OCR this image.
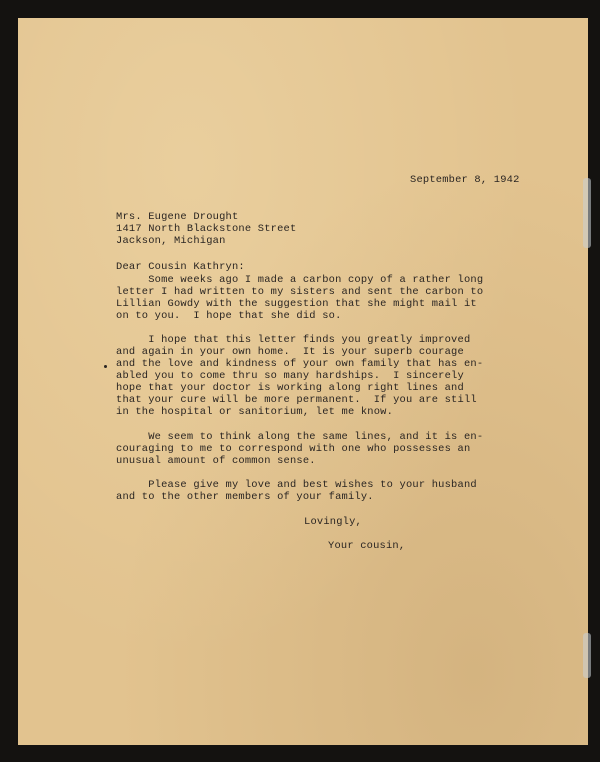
September 8, 1942
Mrs. Eugene Drought
1417 North Blackstone Street
Jackson, Michigan
Dear Cousin Kathryn:
Some weeks ago I made a carbon copy of a rather long
letter I had written to my sisters and sent the carbon to
Lillian Gowdy with the suggestion that she might mail it
on to you.  I hope that she did so.
I hope that this letter finds you greatly improved
and again in your own home.  It is your superb courage
and the love and kindness of your own family that has en-
abled you to come thru so many hardships.  I sincerely
hope that your doctor is working along right lines and
that your cure will be more permanent.  If you are still
in the hospital or sanitorium, let me know.
We seem to think along the same lines, and it is en-
couraging to me to correspond with one who possesses an
unusual amount of common sense.
Please give my love and best wishes to your husband
and to the other members of your family.
Lovingly,
Your cousin,
